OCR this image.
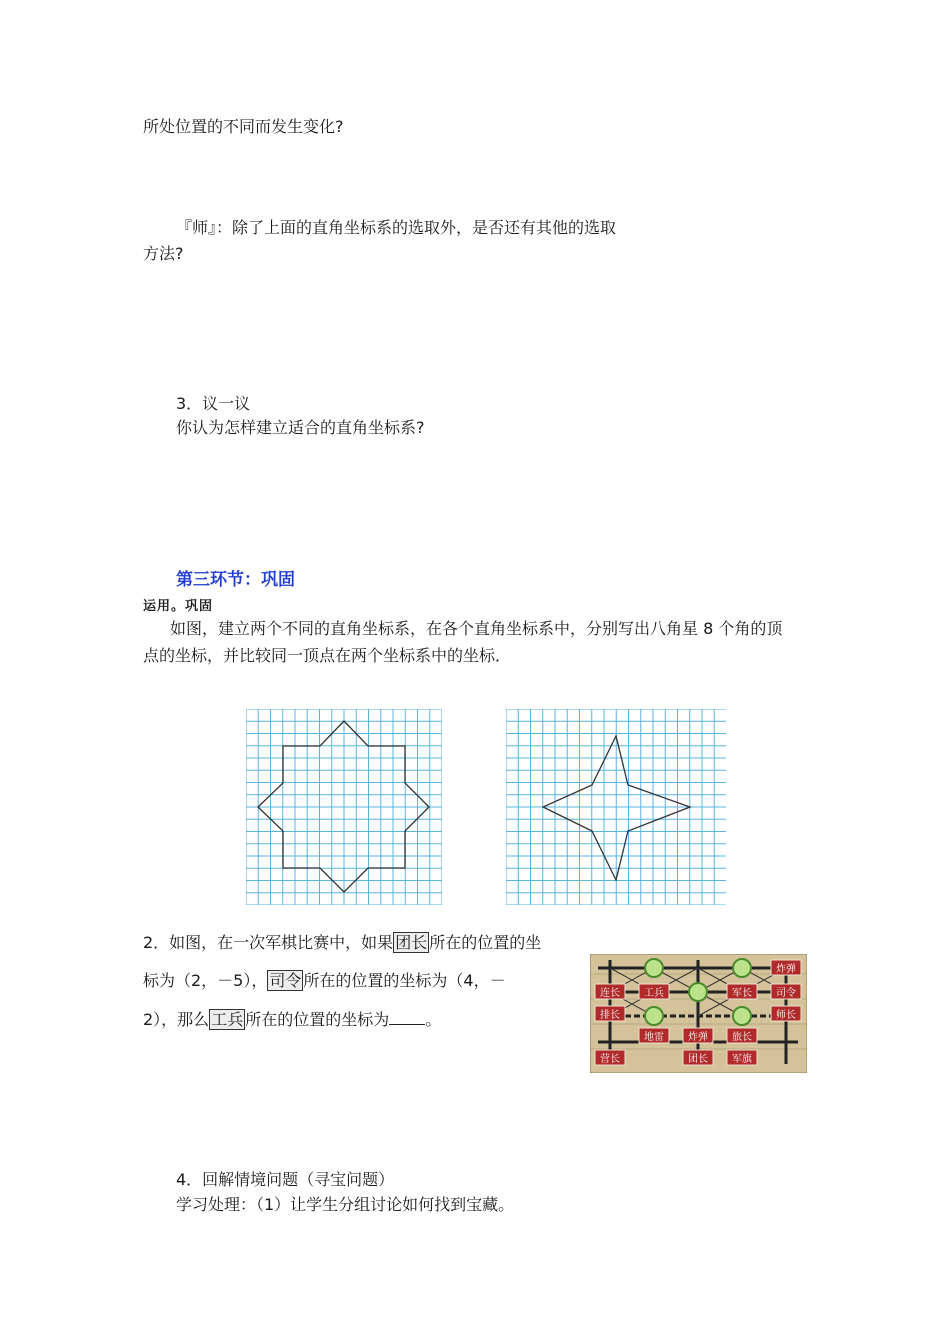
所处位置的不同而发生变化?
『师』：除了上面的直角坐标系的选取外，是否还有其他的选取
方法?
3．议一议
你认为怎样建立适合的直角坐标系?
第三环节：巩固
运用。巩固
如图，建立两个不同的直角坐标系，在各个直角坐标系中，分别写出八角星 8 个角的顶
点的坐标，并比较同一顶点在两个坐标系中的坐标．
2．如图，在一次军棋比赛中，如果 团长 所在的位置的坐
标为（2，－5）， 司令 所在的位置的坐标为（4，－
2），那么 工兵 所在的位置的坐标为 。
炸弹
连长 工兵	军长 司令
排长	师长
地雷 炸弹 旅长
营长	团长 军旗
4．回解情境问题（寻宝问题）
学习处理：（1）让学生分组讨论如何找到宝藏。
